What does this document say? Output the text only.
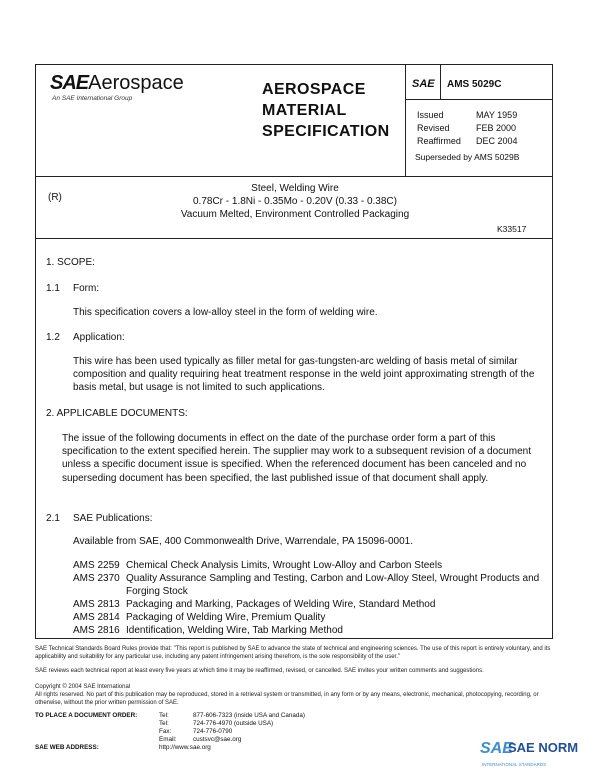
SAEAerospace
An SAE International Group
AEROSPACE
MATERIAL
SPECIFICATION
SAE AMS 5029C
Issued	MAY 1959
Revised	FEB 2000
Reaffirmed	DEC 2004
Superseded by AMS 5029B
(R)
Steel, Welding Wire
0.78Cr - 1.8Ni - 0.35Mo - 0.20V (0.33 - 0.38C)
Vacuum Melted, Environment Controlled Packaging
K33517
1. SCOPE:
1.1 Form:
This specification covers a low-alloy steel in the form of welding wire.
1.2 Application:
This wire has been used typically as filler metal for gas-tungsten-arc welding of basis metal of similar composition and quality requiring heat treatment response in the weld joint approximating strength of the basis metal, but usage is not limited to such applications.
2. APPLICABLE DOCUMENTS:
The issue of the following documents in effect on the date of the purchase order form a part of this specification to the extent specified herein. The supplier may work to a subsequent revision of a document unless a specific document issue is specified. When the referenced document has been canceled and no superseding document has been specified, the last published issue of that document shall apply.
2.1 SAE Publications:
Available from SAE, 400 Commonwealth Drive, Warrendale, PA 15096-0001.
AMS 2259	Chemical Check Analysis Limits, Wrought Low-Alloy and Carbon Steels
AMS 2370	Quality Assurance Sampling and Testing, Carbon and Low-Alloy Steel, Wrought Products and Forging Stock
AMS 2813	Packaging and Marking, Packages of Welding Wire, Standard Method
AMS 2814	Packaging of Welding Wire, Premium Quality
AMS 2816	Identification, Welding Wire, Tab Marking Method
SAE Technical Standards Board Rules provide that: "This report is published by SAE to advance the state of technical and engineering sciences. The use of this report is entirely voluntary, and its applicability and suitability for any particular use, including any patent infringement arising therefrom, is the sole responsibility of the user."
SAE reviews each technical report at least every five years at which time it may be reaffirmed, revised, or cancelled. SAE invites your written comments and suggestions.
Copyright © 2004 SAE International
All rights reserved. No part of this publication may be reproduced, stored in a retrieval system or transmitted, in any form or by any means, electronic, mechanical, photocopying, recording, or otherwise, without the prior written permission of SAE.
TO PLACE A DOCUMENT ORDER:	Tel:	877-606-7323 (inside USA and Canada)
	Tel:	724-776-4970 (outside USA)
	Fax:	724-776-0790
	Email:	custsvc@sae.org
SAE WEB ADDRESS:	http://www.sae.org		SAE
SAE NORM
INTERNATIONAL STANDARDS
